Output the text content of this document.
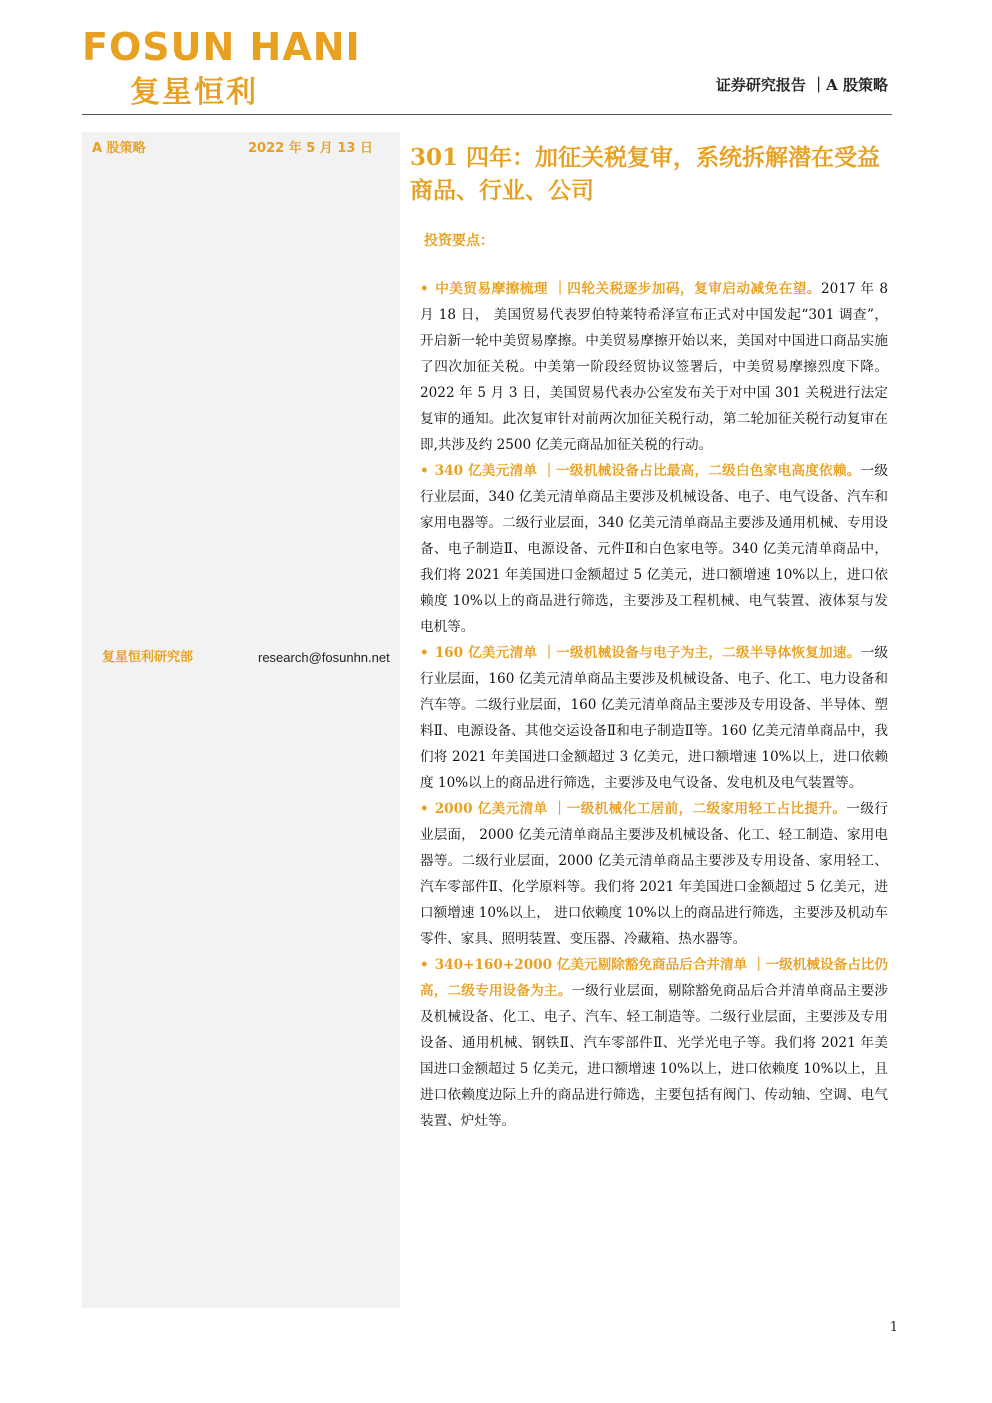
FOSUN HANI
复星恒利	证券研究报告 ｜A 股策略
A 股策略	2022 年 5 月 13 日
复星恒利研究部	research@fosunhn.net
301 四年：加征关税复审，系统拆解潜在受益商品、行业、公司
投资要点：

• 中美贸易摩擦梳理 ｜四轮关税逐步加码，复审启动减免在望。2017 年 8 月 18 日， 美国贸易代表罗伯特莱特希泽宣布正式对中国发起“301 调查”，开启新一轮中美贸易摩擦。中美贸易摩擦开始以来，美国对中国进口商品实施了四次加征关税。中美第一阶段经贸协议签署后，中美贸易摩擦烈度下降。2022 年 5 月 3 日，美国贸易代表办公室发布关于对中国 301 关税进行法定复审的通知。此次复审针对前两次加征关税行动，第二轮加征关税行动复审在即,共涉及约 2500 亿美元商品加征关税的行动。

• 340 亿美元清单 ｜一级机械设备占比最高，二级白色家电高度依赖。一级行业层面，340 亿美元清单商品主要涉及机械设备、电子、电气设备、汽车和家用电器等。二级行业层面，340 亿美元清单商品主要涉及通用机械、专用设备、电子制造Ⅱ、电源设备、元件Ⅱ和白色家电等。340 亿美元清单商品中，我们将 2021 年美国进口金额超过 5 亿美元，进口额增速 10%以上，进口依赖度 10%以上的商品进行筛选，主要涉及工程机械、电气装置、液体泵与发电机等。

• 160 亿美元清单 ｜一级机械设备与电子为主，二级半导体恢复加速。一级行业层面，160 亿美元清单商品主要涉及机械设备、电子、化工、电力设备和汽车等。二级行业层面，160 亿美元清单商品主要涉及专用设备、半导体、塑料Ⅱ、电源设备、其他交运设备Ⅱ和电子制造Ⅱ等。160 亿美元清单商品中，我们将 2021 年美国进口金额超过 3 亿美元，进口额增速 10%以上，进口依赖度 10%以上的商品进行筛选，主要涉及电气设备、发电机及电气装置等。

• 2000 亿美元清单 ｜一级机械化工居前，二级家用轻工占比提升。一级行业层面， 2000 亿美元清单商品主要涉及机械设备、化工、轻工制造、家用电器等。二级行业层面，2000 亿美元清单商品主要涉及专用设备、家用轻工、汽车零部件Ⅱ、化学原料等。我们将 2021 年美国进口金额超过 5 亿美元，进口额增速 10%以上， 进口依赖度 10%以上的商品进行筛选，主要涉及机动车零件、家具、照明装置、变压器、冷藏箱、热水器等。

• 340+160+2000 亿美元剔除豁免商品后合并清单 ｜一级机械设备占比仍高，二级专用设备为主。一级行业层面，剔除豁免商品后合并清单商品主要涉及机械设备、化工、电子、汽车、轻工制造等。二级行业层面，主要涉及专用设备、通用机械、钢铁Ⅱ、汽车零部件Ⅱ、光学光电子等。我们将 2021 年美国进口金额超过 5 亿美元，进口额增速 10%以上，进口依赖度 10%以上，且进口依赖度边际上升的商品进行筛选，主要包括有阀门、传动轴、空调、电气装置、炉灶等。

1
